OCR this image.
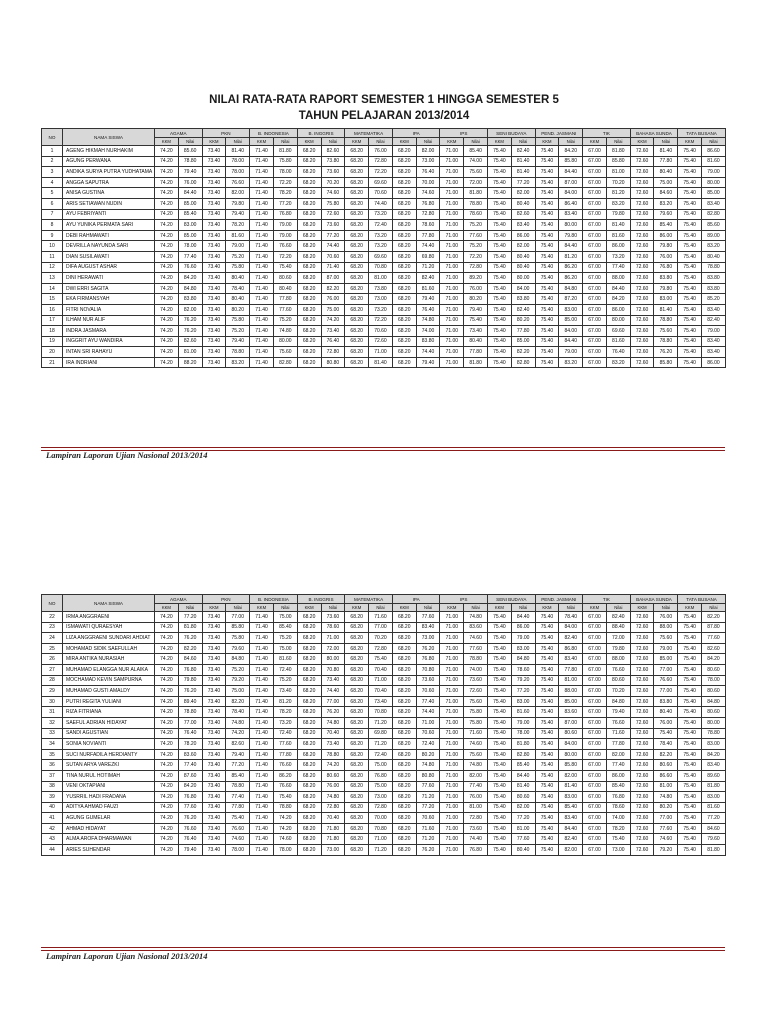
NILAI RATA-RATA RAPORT SEMESTER 1 HINGGA SEMESTER 5
TAHUN PELAJARAN 2013/2014
NO	NAMA SISWA	AGAMA		PKN		B. INDONESIA		B. INGGRIS		MATEMATIKA		IPA		IPS		SENI BUDAYA		PEND. JASMANI		TIK		BAHASA SUNDA		TATA BUSANA	
		KKM	Nilai	KKM	Nilai	KKM	Nilai	KKM	Nilai	KKM	Nilai	KKM	Nilai	KKM	Nilai	KKM	Nilai	KKM	Nilai	KKM	Nilai	KKM	Nilai	KKM	Nilai
1	AGENG HIKMAH NURHAKIM	74.20	85.60	73.40	81.40	71.40	81.80	68.20	82.60	68.20	76.00	68.20	82.00	71.00	85.40	75.40	82.40	75.40	84.20	67.00	81.80	72.60	81.40	75.40	86.60
2	AGUNG PERWANA	74.20	78.80	73.40	78.00	71.40	75.80	68.20	73.80	68.20	72.80	68.20	73.00	71.00	74.00	75.40	81.40	75.40	85.80	67.00	85.80	72.60	77.80	75.40	81.60
3	ANDIKA SURYA PUTRA YUDHATAMA	74.20	79.40	73.40	78.00	71.40	78.00	68.20	73.60	68.20	72.20	68.20	76.40	71.00	75.60	75.40	81.40	75.40	84.40	67.00	81.00	72.60	80.40	75.40	79.00
4	ANGGA SAPUTRA	74.20	76.00	73.40	76.60	71.40	72.20	68.20	70.20	68.20	69.60	68.20	70.00	71.00	72.00	75.40	77.20	75.40	87.00	67.00	70.20	72.60	75.00	75.40	80.00
5	ANISA GUSTINA	74.20	84.40	73.40	82.00	71.40	78.20	68.20	74.60	68.20	70.60	68.20	74.60	71.00	81.80	75.40	82.00	75.40	84.00	67.00	81.20	72.60	84.60	75.40	85.00
6	ARIS SETIAWAN NUDIN	74.20	85.00	73.40	79.80	71.40	77.20	68.20	75.80	68.20	74.40	68.20	76.80	71.00	78.80	75.40	80.40	75.40	86.40	67.00	83.20	72.60	83.20	75.40	83.40
7	AYU FEBRIYANTI	74.20	85.40	73.40	79.40	71.40	76.80	68.20	72.60	68.20	73.20	68.20	72.80	71.00	78.60	75.40	82.60	75.40	83.40	67.00	79.80	72.60	79.60	75.40	82.80
8	AYU YUNIKA PERMATA SARI	74.20	83.00	73.40	78.20	71.40	79.00	68.20	73.60	68.20	72.40	68.20	78.60	71.00	75.20	75.40	83.40	75.40	80.00	67.00	81.40	72.60	85.40	75.40	85.60
9	DEBI RAHMAWATI	74.20	85.00	73.40	81.60	71.40	79.00	68.20	77.20	68.20	73.20	68.20	77.80	71.00	77.60	75.40	86.00	75.40	79.80	67.00	81.60	72.60	86.00	75.40	89.00
10	DEVRILLA NAYUNDA SARI	74.20	78.00	73.40	79.00	71.40	76.60	68.20	74.40	68.20	73.20	68.20	74.40	71.00	75.20	75.40	82.00	75.40	84.40	67.00	86.00	72.60	79.80	75.40	83.20
11	DIAN SUSILAWATI	74.20	77.40	73.40	75.20	71.40	72.20	68.20	70.60	68.20	69.60	68.20	69.80	71.00	72.20	75.40	80.40	75.40	81.20	67.00	73.20	72.60	76.00	75.40	80.40
12	DIFA AUGUST ASHAR	74.20	76.60	73.40	75.80	71.40	75.40	68.20	71.40	68.20	70.80	68.20	71.20	71.00	72.80	75.40	80.40	75.40	86.20	67.00	77.40	72.60	76.80	75.40	78.80
13	DINI HERAWATI	74.20	84.20	73.40	80.40	71.40	80.60	68.20	87.00	68.20	81.00	68.20	82.40	71.00	89.20	75.40	80.00	75.40	86.20	67.00	88.00	72.60	83.80	75.40	83.80
14	DWI ERRI SAGITA	74.20	84.80	73.40	78.40	71.40	80.40	68.20	82.20	68.20	73.80	68.20	81.60	71.00	76.00	75.40	84.00	75.40	84.80	67.00	84.40	72.60	79.80	75.40	83.80
15	EKA FIRMANSYAH	74.20	83.80	73.40	80.40	71.40	77.80	68.20	76.00	68.20	73.00	68.20	79.40	71.00	80.20	75.40	83.80	75.40	87.20	67.00	84.20	72.60	83.00	75.40	85.20
16	FITRI NOVALIA	74.20	82.00	73.40	80.20	71.40	77.60	68.20	75.00	68.20	73.20	68.20	76.40	71.00	79.40	75.40	82.40	75.40	83.00	67.00	86.00	72.60	81.40	75.40	83.40
17	ILHAM NUR ALIF	74.20	76.20	73.40	75.80	71.40	75.20	68.20	74.20	68.20	72.20	68.20	74.80	71.00	75.40	75.40	80.20	75.40	85.00	67.00	80.00	72.60	78.80	75.40	82.40
18	INDRA JASMARA	74.20	76.20	73.40	75.20	71.40	74.80	68.20	73.40	68.20	70.60	68.20	74.00	71.00	73.40	75.40	77.80	75.40	84.00	67.00	69.60	72.60	75.60	75.40	79.00
19	INGGRIT AYU WANDIRA	74.20	82.60	73.40	79.40	71.40	80.00	68.20	76.40	68.20	72.60	68.20	83.80	71.00	80.40	75.40	85.00	75.40	84.40	67.00	81.60	72.60	78.80	75.40	83.40
20	INTAN SRI RAHAYU	74.20	81.00	73.40	78.80	71.40	75.60	68.20	72.80	68.20	71.00	68.20	74.40	71.00	77.80	75.40	82.20	75.40	79.00	67.00	76.40	72.60	76.20	75.40	83.40
21	IRA INDRIANI	74.20	88.20	73.40	83.20	71.40	82.80	68.20	80.80	68.20	81.40	68.20	79.40	71.00	81.80	75.40	82.80	75.40	83.20	67.00	83.20	72.60	85.80	75.40	86.00
Lampiran Laporan Ujian Nasional 2013/2014
NO	NAMA SISWA	AGAMA		PKN		B. INDONESIA		B. INGGRIS		MATEMATIKA		IPA		IPS		SENI BUDAYA		PEND. JASMANI		TIK		BAHASA SUNDA		TATA BUSANA	
		KKM	Nilai	KKM	Nilai	KKM	Nilai	KKM	Nilai	KKM	Nilai	KKM	Nilai	KKM	Nilai	KKM	Nilai	KKM	Nilai	KKM	Nilai	KKM	Nilai	KKM	Nilai
22	IRMA ANGGRAENI	74.20	77.20	73.40	77.00	71.40	75.00	68.20	73.60	68.20	71.60	68.20	77.60	71.00	74.80	75.40	84.40	75.40	78.40	67.00	82.40	72.60	76.00	75.40	82.20
23	ISMAWATI QURAESYAH	74.20	81.80	73.40	85.80	71.40	85.40	68.20	78.60	68.20	77.00	68.20	83.40	71.00	83.60	75.40	86.00	75.40	84.00	67.00	88.40	72.60	88.00	75.40	87.80
24	LIZA ANGGRAENI SUNDARI AHDIAT	74.20	76.20	73.40	75.80	71.40	75.20	68.20	71.00	68.20	70.20	68.20	73.00	71.00	74.60	75.40	79.00	75.40	82.40	67.00	72.00	72.60	75.60	75.40	77.60
25	MOHAMAD SIDIK SAEFULLAH	74.20	82.20	73.40	79.60	71.40	75.00	68.20	72.00	68.20	72.80	68.20	76.20	71.00	77.60	75.40	83.00	75.40	86.80	67.00	79.80	72.60	79.00	75.40	82.60
26	MIRA ANTIKA NURASIAH	74.20	84.60	73.40	84.80	71.40	81.60	68.20	80.00	68.20	75.40	68.20	76.80	71.00	78.80	75.40	84.80	75.40	83.40	67.00	88.00	72.60	85.00	75.40	84.20
27	MUHAMAD ELANGGA NUR ALAIKA	74.20	76.80	73.40	75.20	71.40	72.40	68.20	70.80	68.20	70.40	68.20	70.80	71.00	74.00	75.40	78.60	75.40	77.80	67.00	76.60	72.60	77.00	75.40	80.60
28	MOCHAMAD KEVIN SAMPURNA	74.20	79.80	73.40	79.20	71.40	75.20	68.20	73.40	68.20	71.00	68.20	73.60	71.00	73.60	75.40	79.20	75.40	81.00	67.00	80.60	72.60	76.60	75.40	78.00
29	MUHAMAD GUSTI AMALDY	74.20	76.20	73.40	75.00	71.40	73.40	68.20	74.40	68.20	70.40	68.20	70.60	71.00	72.60	75.40	77.20	75.40	88.00	67.00	70.20	72.60	77.00	75.40	80.60
30	PUTRI REGITA YULIANI	74.20	89.40	73.40	82.20	71.40	81.20	68.20	77.00	68.20	73.40	68.20	77.40	71.00	75.60	75.40	83.00	75.40	85.00	67.00	84.80	72.60	83.80	75.40	84.80
31	RIZA FITRIANA	74.20	78.80	73.40	78.40	71.40	78.20	68.20	76.20	68.20	70.80	68.20	74.40	71.00	75.80	75.40	81.60	75.40	83.60	67.00	79.40	72.60	80.40	75.40	80.60
32	SAEFUL ADRIAN HIDAYAT	74.20	77.00	73.40	74.80	71.40	73.20	68.20	74.80	68.20	71.20	68.20	71.00	71.00	75.80	75.40	79.00	75.40	87.00	67.00	76.60	72.60	76.00	75.40	80.00
33	SANDI AGUSTIAN	74.20	76.40	73.40	74.20	71.40	72.40	68.20	70.40	68.20	69.80	68.20	70.60	71.00	71.60	75.40	78.00	75.40	80.60	67.00	71.60	72.60	75.40	75.40	78.80
34	SONIA NOVIANTI	74.20	78.20	73.40	82.60	71.40	77.60	68.20	73.40	68.20	71.20	68.20	72.40	71.00	74.60	75.40	81.80	75.40	84.00	67.00	77.80	72.60	78.40	75.40	83.00
35	SUCI NURFADILA HERDIANTY	74.20	83.60	73.40	79.40	71.40	77.80	68.20	78.80	68.20	72.40	68.20	80.20	71.00	75.60	75.40	82.80	75.40	80.00	67.00	82.00	72.60	82.20	75.40	84.20
36	SUTAN ARYA VAREZKI	74.20	77.40	73.40	77.20	71.40	76.60	68.20	74.20	68.20	75.00	68.20	74.80	71.00	74.80	75.40	85.40	75.40	85.80	67.00	77.40	72.60	80.60	75.40	83.40
37	TINA NURUL HOTIMAH	74.20	87.60	73.40	85.40	71.40	86.20	68.20	80.60	68.20	76.80	68.20	80.80	71.00	82.00	75.40	84.40	75.40	82.00	67.00	86.00	72.60	86.60	75.40	89.60
38	VENI OKTAPIANI	74.20	84.20	73.40	78.80	71.40	76.60	68.20	76.00	68.20	75.00	68.20	77.60	71.00	77.40	75.40	81.40	75.40	81.40	67.00	85.40	72.60	81.00	75.40	81.80
39	YUSRRIL HADI FRADANA	74.20	76.80	73.40	77.40	71.40	75.40	68.20	74.80	68.20	73.00	68.20	71.20	71.00	76.00	75.40	80.60	75.40	83.00	67.00	76.80	72.60	74.80	75.40	83.00
40	ADITYA AHMAD FAUZI	74.20	77.60	73.40	77.80	71.40	78.80	68.20	72.80	68.20	72.80	68.20	77.20	71.00	81.00	75.40	82.00	75.40	85.40	67.00	78.60	72.60	80.20	75.40	81.60
41	AGUNG GUMELAR	74.20	76.20	73.40	75.40	71.40	74.20	68.20	70.40	68.20	70.00	68.20	70.60	71.00	72.80	75.40	77.20	75.40	83.40	67.00	74.00	72.60	77.00	75.40	77.20
42	AHMAD HIDAYAT	74.20	76.60	73.40	76.60	71.40	74.20	68.20	71.80	68.20	70.80	68.20	71.60	71.00	73.60	75.40	81.00	75.40	84.40	67.00	78.20	72.60	77.60	75.40	84.60
43	ALMA AROFA DHARMAWAN	74.20	76.40	73.40	74.60	71.40	74.60	68.20	71.80	68.20	71.00	68.20	71.20	71.00	74.40	75.40	77.60	75.40	82.40	67.00	75.40	72.60	74.60	75.40	79.60
44	ARIES SUHENDAR	74.20	79.40	73.40	78.00	71.40	78.00	68.20	73.00	68.20	71.20	68.20	76.20	71.00	76.80	75.40	80.40	75.40	82.00	67.00	73.00	72.60	79.20	75.40	81.80
Lampiran Laporan Ujian Nasional 2013/2014
